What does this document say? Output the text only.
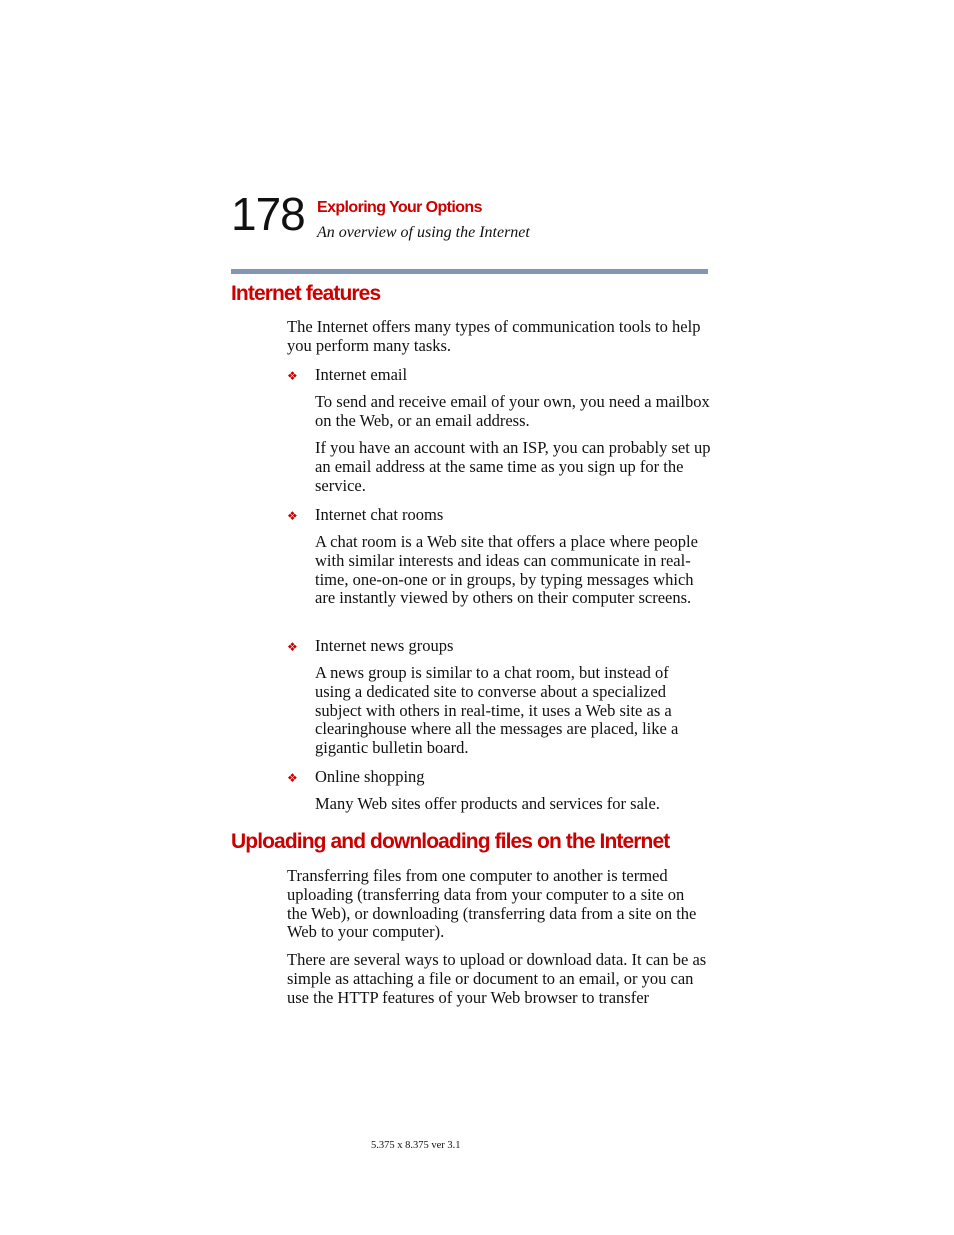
178 Exploring Your Options
An overview of using the Internet
Internet features

The Internet offers many types of communication tools to help you perform many tasks.

❖ Internet email

To send and receive email of your own, you need a mailbox on the Web, or an email address.

If you have an account with an ISP, you can probably set up an email address at the same time as you sign up for the service.

❖ Internet chat rooms

A chat room is a Web site that offers a place where people with similar interests and ideas can communicate in real-time, one-on-one or in groups, by typing messages which are instantly viewed by others on their computer screens.

❖ Internet news groups

A news group is similar to a chat room, but instead of using a dedicated site to converse about a specialized subject with others in real-time, it uses a Web site as a clearinghouse where all the messages are placed, like a gigantic bulletin board.

❖ Online shopping

Many Web sites offer products and services for sale.

Uploading and downloading files on the Internet

Transferring files from one computer to another is termed uploading (transferring data from your computer to a site on the Web), or downloading (transferring data from a site on the Web to your computer).

There are several ways to upload or download data. It can be as simple as attaching a file or document to an email, or you can use the HTTP features of your Web browser to transfer

5.375 x 8.375 ver 3.1
